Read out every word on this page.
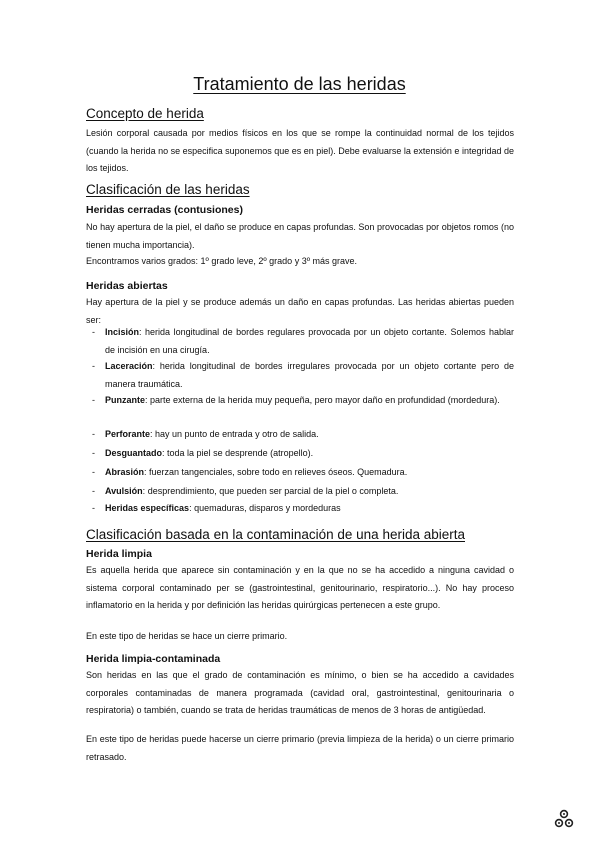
Tratamiento de las heridas
Concepto de herida

Lesión corporal causada por medios físicos en los que se rompe la continuidad normal de los tejidos (cuando la herida no se especifica suponemos que es en piel). Debe evaluarse la extensión e integridad de los tejidos.

Clasificación de las heridas
Heridas cerradas (contusiones)

No hay apertura de la piel, el daño se produce en capas profundas. Son provocadas por objetos romos (no tienen mucha importancia).

Encontramos varios grados: 1º grado leve, 2º grado y 3º más grave.

Heridas abiertas

Hay apertura de la piel y se produce además un daño en capas profundas. Las heridas abiertas pueden ser:

- Incisión: herida longitudinal de bordes regulares provocada por un objeto cortante. Solemos hablar de incisión en una cirugía.
- Laceración: herida longitudinal de bordes irregulares provocada por un objeto cortante pero de manera traumática.
- Punzante: parte externa de la herida muy pequeña, pero mayor daño en profundidad (mordedura).
- Perforante: hay un punto de entrada y otro de salida.
- Desguantado: toda la piel se desprende (atropello).
- Abrasión: fuerzan tangenciales, sobre todo en relieves óseos. Quemadura.
- Avulsión: desprendimiento, que pueden ser parcial de la piel o completa.
- Heridas específicas: quemaduras, disparos y mordeduras
Clasificación basada en la contaminación de una herida abierta
Herida limpia

Es aquella herida que aparece sin contaminación y en la que no se ha accedido a ninguna cavidad o sistema corporal contaminado per se (gastrointestinal, genitourinario, respiratorio...). No hay proceso inflamatorio en la herida y por definición las heridas quirúrgicas pertenecen a este grupo.

En este tipo de heridas se hace un cierre primario.

Herida limpia-contaminada

Son heridas en las que el grado de contaminación es mínimo, o bien se ha accedido a cavidades corporales contaminadas de manera programada (cavidad oral, gastrointestinal, genitourinaria o respiratoria) o también, cuando se trata de heridas traumáticas de menos de 3 horas de antigüedad.

En este tipo de heridas puede hacerse un cierre primario (previa limpieza de la herida) o un cierre primario retrasado.
